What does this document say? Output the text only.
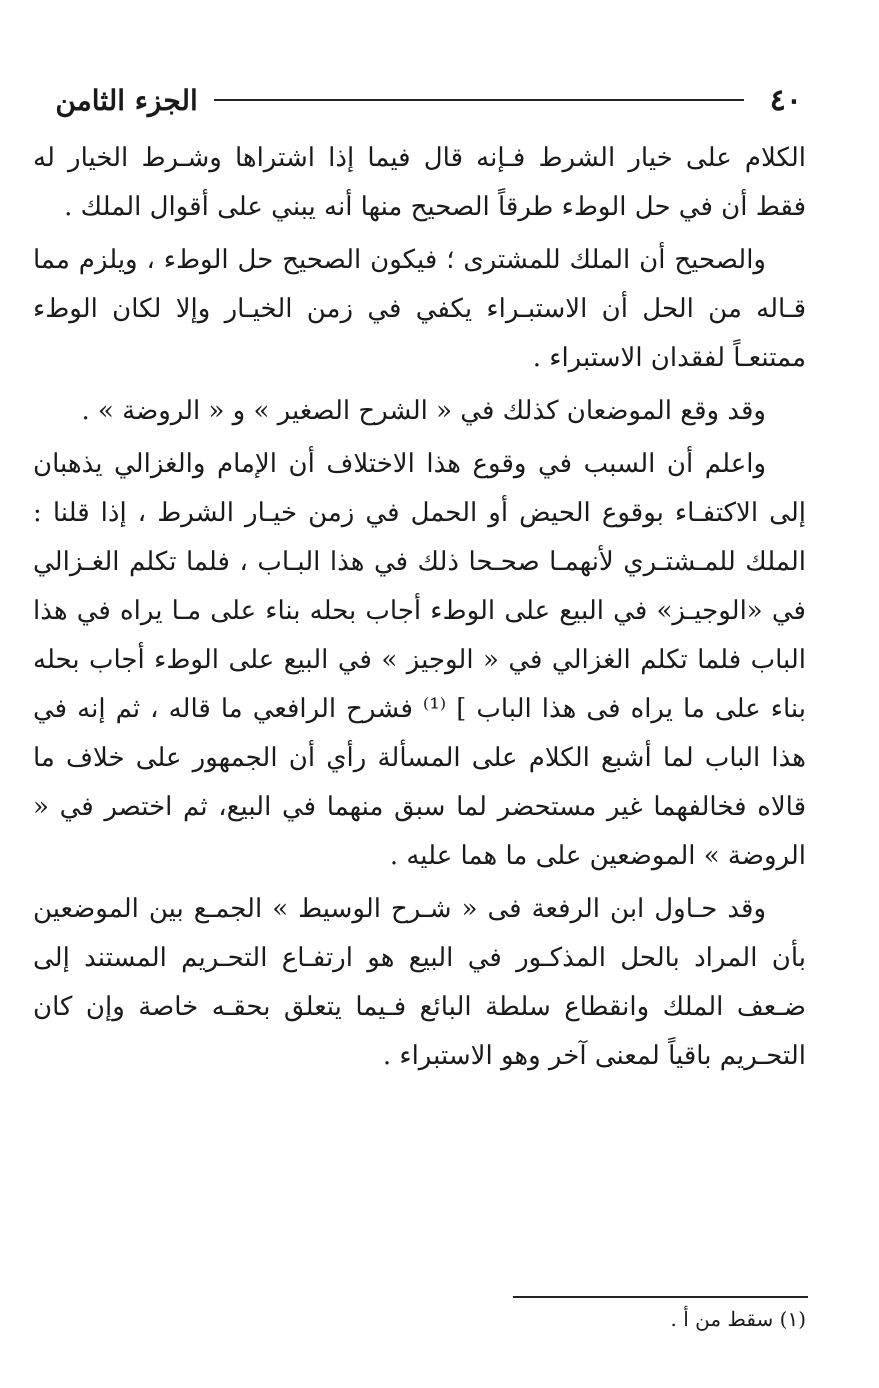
٤٠
الجزء الثامن

الكلام على خيار الشرط فـإنه قال فيما إذا اشتراها وشـرط الخيار له فقط أن في حل الوطء طرقاً الصحيح منها أنه يبني على أقوال الملك .

والصحيح أن الملك للمشترى ؛ فيكون الصحيح حل الوطء ، ويلزم مما قـاله من الحل أن الاستبـراء يكفي في زمن الخيـار وإلا لكان الوطء ممتنعـاً لفقدان الاستبراء .

وقد وقع الموضعان كذلك في « الشرح الصغير » و « الروضة » .

واعلم أن السبب في وقوع هذا الاختلاف أن الإمام والغزالي يذهبان إلى الاكتفـاء بوقوع الحيض أو الحمل في زمن خيـار الشرط ، إذا قلنا : الملك للمـشتـري لأنهمـا صحـحا ذلك في هذا البـاب ، فلما تكلم الغـزالي في «الوجيـز» في البيع على الوطء أجاب بحله بناء على مـا يراه في هذا الباب فلما تكلم الغزالي في « الوجيز » في البيع على الوطء أجاب بحله بناء على ما يراه فى هذا الباب ] ⁽¹⁾ فشرح الرافعي ما قاله ، ثم إنه في هذا الباب لما أشبع الكلام على المسألة رأي أن الجمهور على خلاف ما قالاه فخالفهما غير مستحضر لما سبق منهما في البيع، ثم اختصر في « الروضة » الموضعين على ما هما عليه .

وقد حـاول ابن الرفعة فى « شـرح الوسيط » الجمـع بين الموضعين بأن المراد بالحل المذكـور في البيع هو ارتفـاع التحـريم المستند إلى ضـعف الملك وانقطاع سلطة البائع فـيما يتعلق بحقـه خاصة وإن كان التحـريم باقياً لمعنى آخر وهو الاستبراء .

(١) سقط من أ .
